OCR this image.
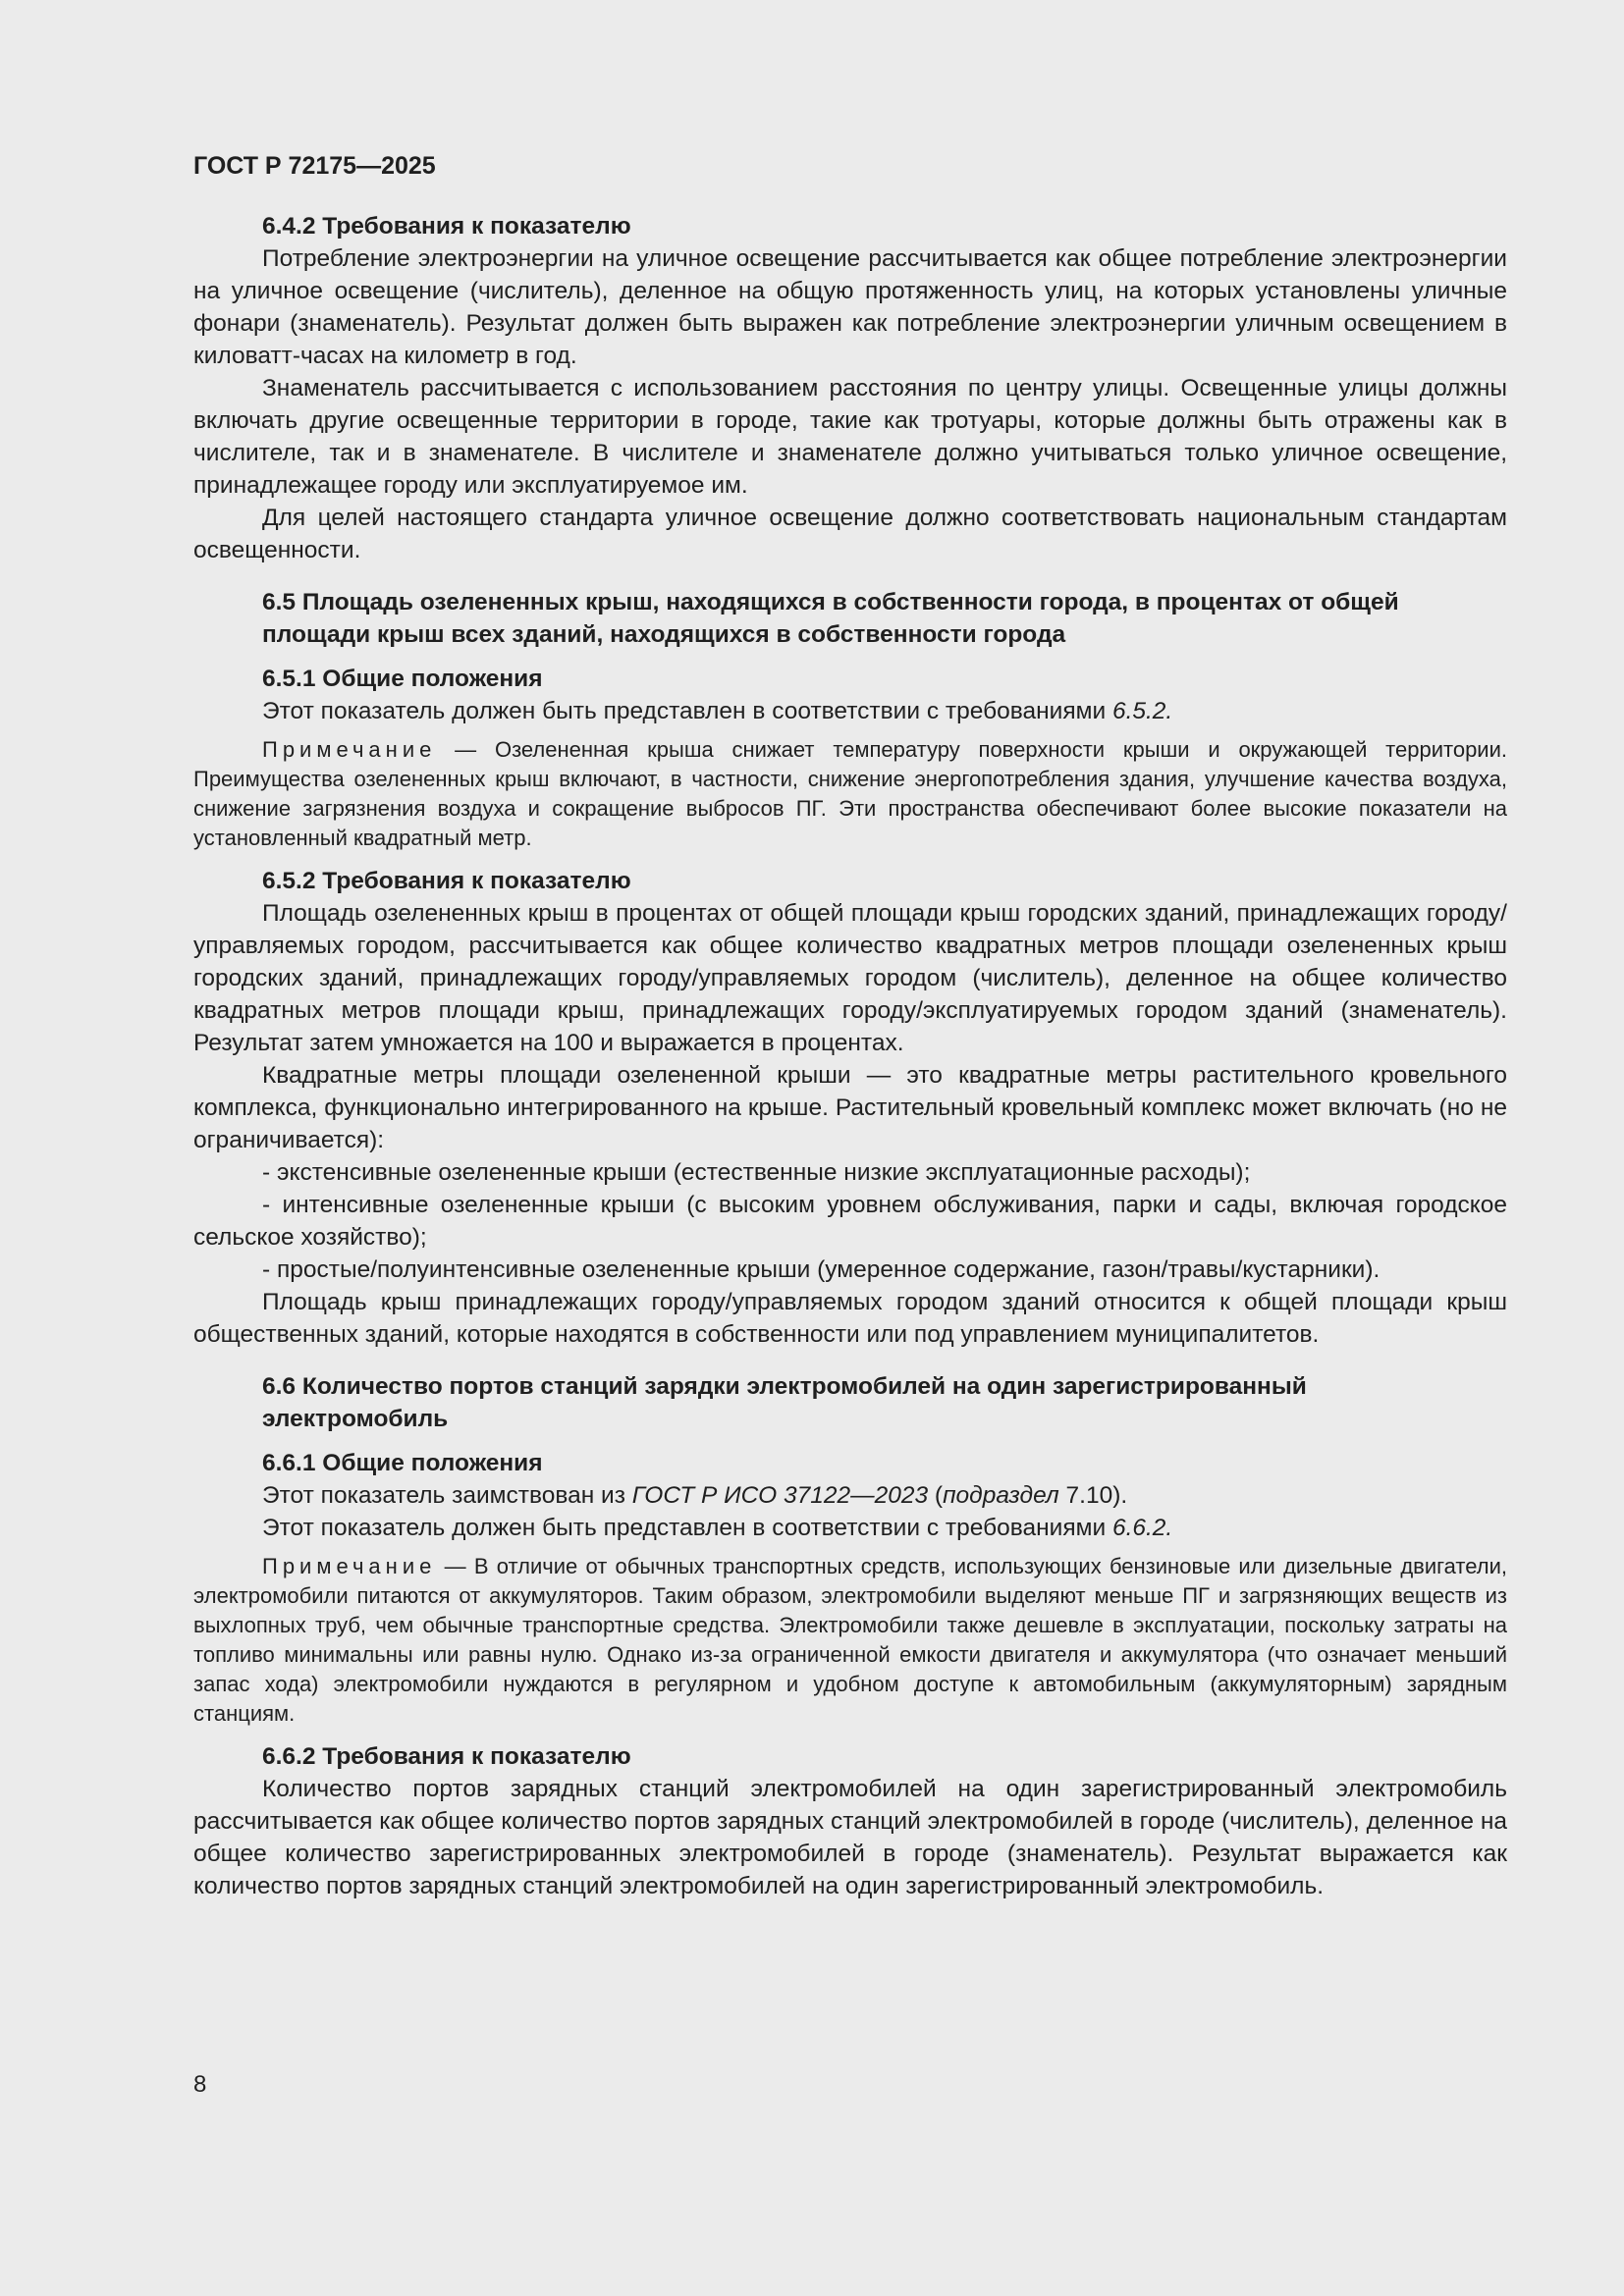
ГОСТ Р 72175—2025

6.4.2 Требования к показателю

Потребление электроэнергии на уличное освещение рассчитывается как общее потребление электроэнергии на уличное освещение (числитель), деленное на общую протяженность улиц, на которых установлены уличные фонари (знаменатель). Результат должен быть выражен как потребление электроэнергии уличным освещением в киловатт-часах на километр в год.

Знаменатель рассчитывается с использованием расстояния по центру улицы. Освещенные улицы должны включать другие освещенные территории в городе, такие как тротуары, которые должны быть отражены как в числителе, так и в знаменателе. В числителе и знаменателе должно учитываться только уличное освещение, принадлежащее городу или эксплуатируемое им.

Для целей настоящего стандарта уличное освещение должно соответствовать национальным стандартам освещенности.

6.5 Площадь озелененных крыш, находящихся в собственности города, в процентах от общей площади крыш всех зданий, находящихся в собственности города

6.5.1 Общие положения

Этот показатель должен быть представлен в соответствии с требованиями 6.5.2.

Примечание — Озелененная крыша снижает температуру поверхности крыши и окружающей территории. Преимущества озелененных крыш включают, в частности, снижение энергопотребления здания, улучшение качества воздуха, снижение загрязнения воздуха и сокращение выбросов ПГ. Эти пространства обеспечивают более высокие показатели на установленный квадратный метр.

6.5.2 Требования к показателю

Площадь озелененных крыш в процентах от общей площади крыш городских зданий, принадлежащих городу/управляемых городом, рассчитывается как общее количество квадратных метров площади озелененных крыш городских зданий, принадлежащих городу/управляемых городом (числитель), деленное на общее количество квадратных метров площади крыш, принадлежащих городу/эксплуатируемых городом зданий (знаменатель). Результат затем умножается на 100 и выражается в процентах.

Квадратные метры площади озелененной крыши — это квадратные метры растительного кровельного комплекса, функционально интегрированного на крыше. Растительный кровельный комплекс может включать (но не ограничивается):

- экстенсивные озелененные крыши (естественные низкие эксплуатационные расходы);

- интенсивные озелененные крыши (с высоким уровнем обслуживания, парки и сады, включая городское сельское хозяйство);

- простые/полуинтенсивные озелененные крыши (умеренное содержание, газон/травы/кустарники).

Площадь крыш принадлежащих городу/управляемых городом зданий относится к общей площади крыш общественных зданий, которые находятся в собственности или под управлением муниципалитетов.

6.6 Количество портов станций зарядки электромобилей на один зарегистрированный электромобиль

6.6.1 Общие положения

Этот показатель заимствован из ГОСТ Р ИСО 37122—2023 (подраздел 7.10).

Этот показатель должен быть представлен в соответствии с требованиями 6.6.2.

Примечание — В отличие от обычных транспортных средств, использующих бензиновые или дизельные двигатели, электромобили питаются от аккумуляторов. Таким образом, электромобили выделяют меньше ПГ и загрязняющих веществ из выхлопных труб, чем обычные транспортные средства. Электромобили также дешевле в эксплуатации, поскольку затраты на топливо минимальны или равны нулю. Однако из-за ограниченной емкости двигателя и аккумулятора (что означает меньший запас хода) электромобили нуждаются в регулярном и удобном доступе к автомобильным (аккумуляторным) зарядным станциям.

6.6.2 Требования к показателю

Количество портов зарядных станций электромобилей на один зарегистрированный электромобиль рассчитывается как общее количество портов зарядных станций электромобилей в городе (числитель), деленное на общее количество зарегистрированных электромобилей в городе (знаменатель). Результат выражается как количество портов зарядных станций электромобилей на один зарегистрированный электромобиль.

8
